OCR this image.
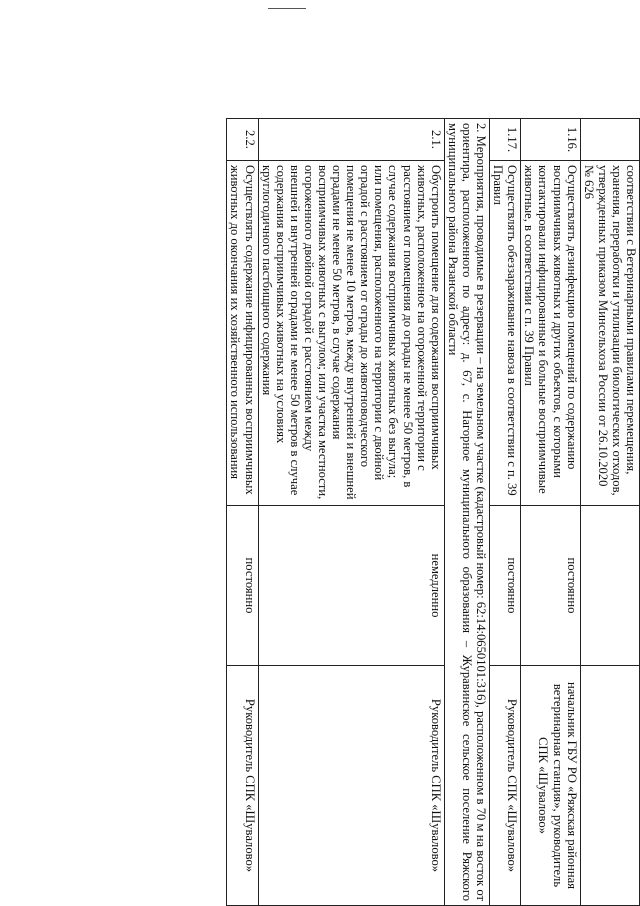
	соответствии с Ветеринарными правилами перемещения, хранения, переработки и утилизации биологических отходов, утвержденных приказом Минсельхоза России от 26.10.2020 № 626		
1.16.	Осуществлять дезинфекцию помещений по содержанию восприимчивых животных и других объектов, с которыми контактировали инфицированные и больные восприимчивые животные, в соответствии с п. 39 Правил	постоянно	начальник ГБУ РО «Ряжская районная ветеринарная станция», руководитель СПК «Шувалово»
1.17.	Осуществлять обеззараживание навоза в соответствии с п. 39 Правил	постоянно	Руководитель СПК «Шувалово»
2. Мероприятия, проводимые в резервации – на земельном участке (кадастровый номер: 62:14:0650101:316), расположенном в 70 м на восток от ориентира, расположенного по адресу: д. 67, с. Нагорное муниципального образования – Журавинское сельское поселение Ряжского муниципального района Рязанской области			
2.1.	Обустроить помещение для содержания восприимчивых животных, расположенное на огороженной территории с расстоянием от помещения до ограды не менее 50 метров, в случае содержания восприимчивых животных без выгула; или помещения, расположенного на территории с двойной оградой с расстоянием от ограды до животноводческого помещения не менее 10 метров, между внутренней и внешней оградами не менее 50 метров, в случае содержания восприимчивых животных с выгулом; или участка местности, огороженного двойной оградой с расстоянием между внешней и внутренней оградами не менее 50 метров в случае содержания восприимчивых животных на условиях круглогодичного пастбищного содержания	немедленно	Руководитель СПК «Шувалово»
2.2.	Осуществлять содержание инфицированных восприимчивых животных до окончания их хозяйственного использования	постоянно	Руководитель СПК «Шувалово»
